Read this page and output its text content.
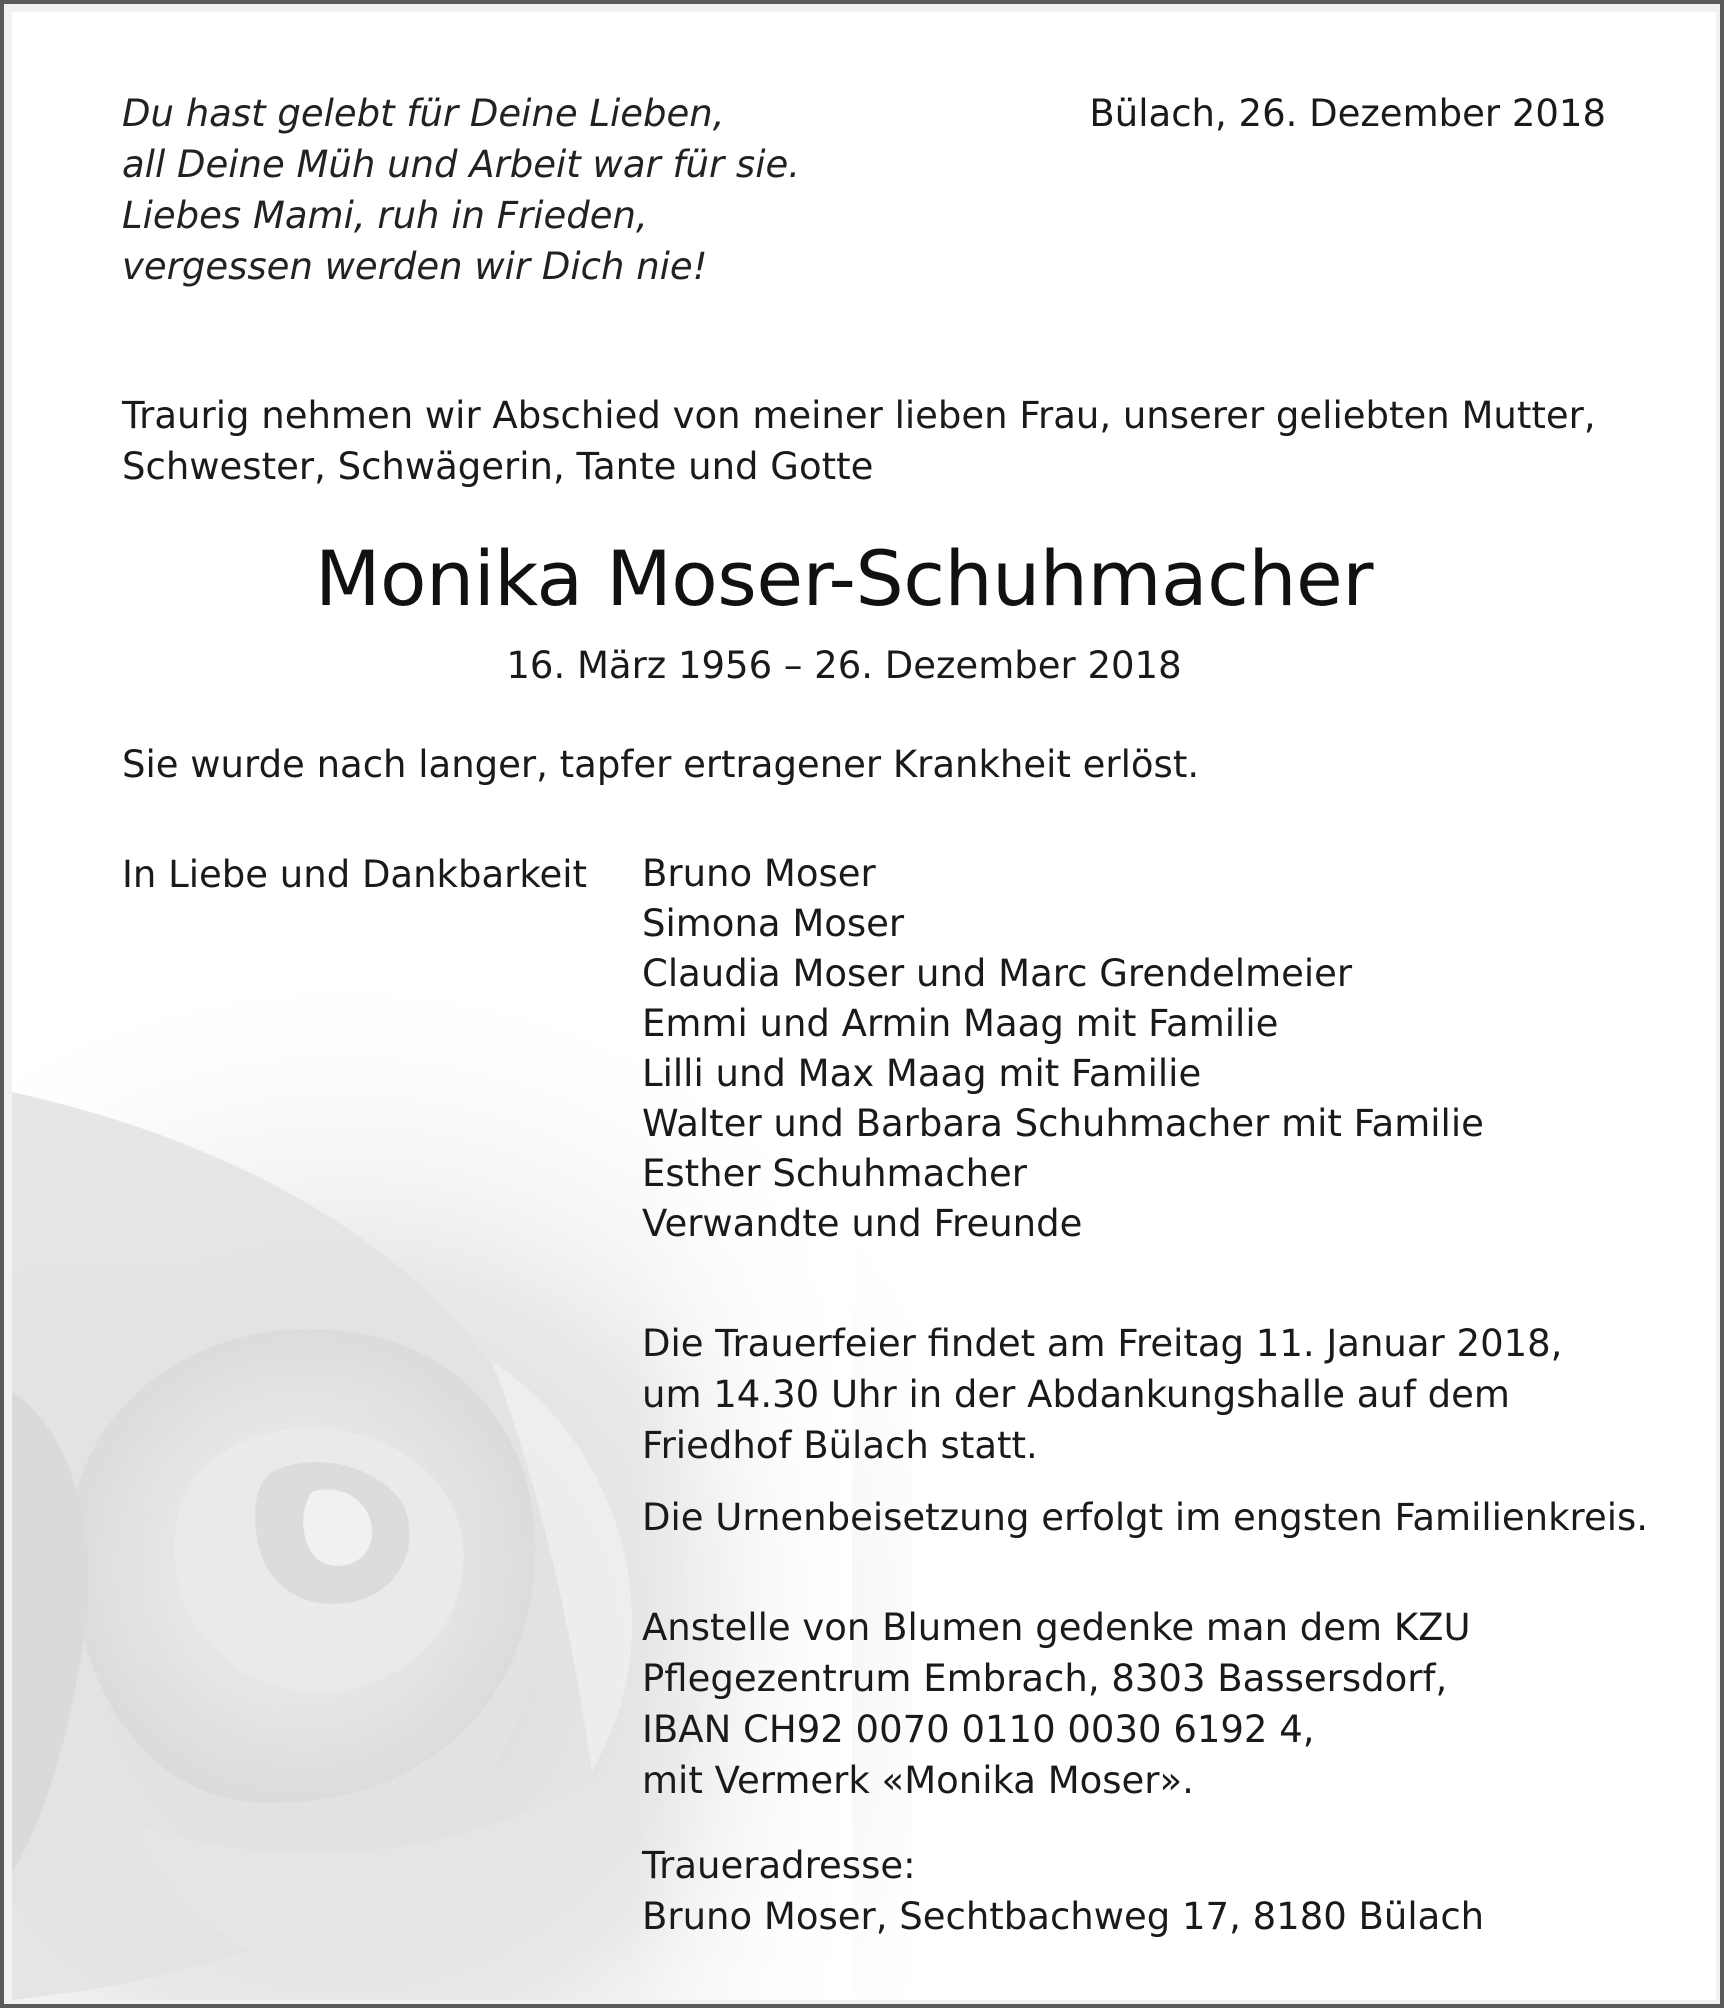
Du hast gelebt für Deine Lieben,
all Deine Müh und Arbeit war für sie.
Liebes Mami, ruh in Frieden,
vergessen werden wir Dich nie!
Bülach, 26. Dezember 2018
Traurig nehmen wir Abschied von meiner lieben Frau, unserer geliebten Mutter,
Schwester, Schwägerin, Tante und Gotte
Monika Moser-Schuhmacher
16. März 1956 – 26. Dezember 2018
Sie wurde nach langer, tapfer ertragener Krankheit erlöst.
In Liebe und Dankbarkeit Bruno Moser
Simona Moser
Claudia Moser und Marc Grendelmeier
Emmi und Armin Maag mit Familie
Lilli und Max Maag mit Familie
Walter und Barbara Schuhmacher mit Familie
Esther Schuhmacher
Verwandte und Freunde
Die Trauerfeier findet am Freitag 11. Januar 2018,
um 14.30 Uhr in der Abdankungshalle auf dem
Friedhof Bülach statt.
Die Urnenbeisetzung erfolgt im engsten Familienkreis.
Anstelle von Blumen gedenke man dem KZU
Pflegezentrum Embrach, 8303 Bassersdorf,
IBAN CH92 0070 0110 0030 6192 4,
mit Vermerk «Monika Moser».
Traueradresse:
Bruno Moser, Sechtbachweg 17, 8180 Bülach
